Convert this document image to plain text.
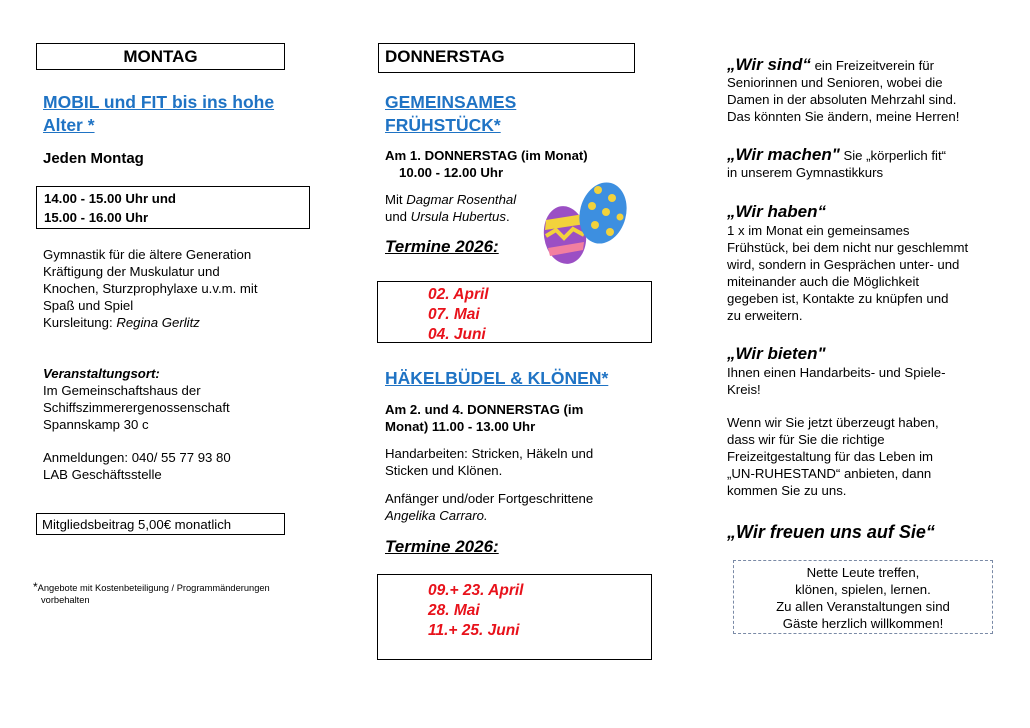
MONTAG
MOBIL und FIT bis ins hohe
Alter *
Jeden Montag
14.00 - 15.00 Uhr und
15.00 - 16.00 Uhr
Gymnastik für die ältere Generation
Kräftigung der Muskulatur und
Knochen, Sturzprophylaxe u.v.m. mit
Spaß und Spiel
Kursleitung: Regina Gerlitz
Veranstaltungsort:
Im Gemeinschaftshaus der
Schiffszimmerergenossenschaft
Spannskamp 30 c
Anmeldungen: 040/ 55 77 93 80
LAB Geschäftsstelle
Mitgliedsbeitrag 5,00€ monatlich
*Angebote mit Kostenbeteiligung / Programmänderungen
vorbehalten
DONNERSTAG
GEMEINSAMES
FRÜHSTÜCK*
Am 1. DONNERSTAG (im Monat)
10.00 - 12.00 Uhr
Mit Dagmar Rosenthal
und Ursula Hubertus.
Termine 2026:
02. April
07. Mai
04. Juni
HÄKELBÜDEL & KLÖNEN*
Am 2. und 4. DONNERSTAG (im
Monat) 11.00 - 13.00 Uhr
Handarbeiten: Stricken, Häkeln und
Sticken und Klönen.
Anfänger und/oder Fortgeschrittene
Angelika Carraro.
Termine 2026:
09.+ 23. April
28. Mai
11.+ 25. Juni
„Wir sind“ ein Freizeitverein für
Seniorinnen und Senioren, wobei die
Damen in der absoluten Mehrzahl sind.
Das könnten Sie ändern, meine Herren!
„Wir machen" Sie „körperlich fit“
in unserem Gymnastikkurs
„Wir haben“
1 x im Monat ein gemeinsames
Frühstück, bei dem nicht nur geschlemmt
wird, sondern in Gesprächen unter- und
miteinander auch die Möglichkeit
gegeben ist, Kontakte zu knüpfen und
zu erweitern.
„Wir bieten"
Ihnen einen Handarbeits- und Spiele-
Kreis!
Wenn wir Sie jetzt überzeugt haben,
dass wir für Sie die richtige
Freizeitgestaltung für das Leben im
„UN-RUHESTAND“ anbieten, dann
kommen Sie zu uns.
„Wir freuen uns auf Sie“
Nette Leute treffen,
klönen, spielen, lernen.
Zu allen Veranstaltungen sind
Gäste herzlich willkommen!
